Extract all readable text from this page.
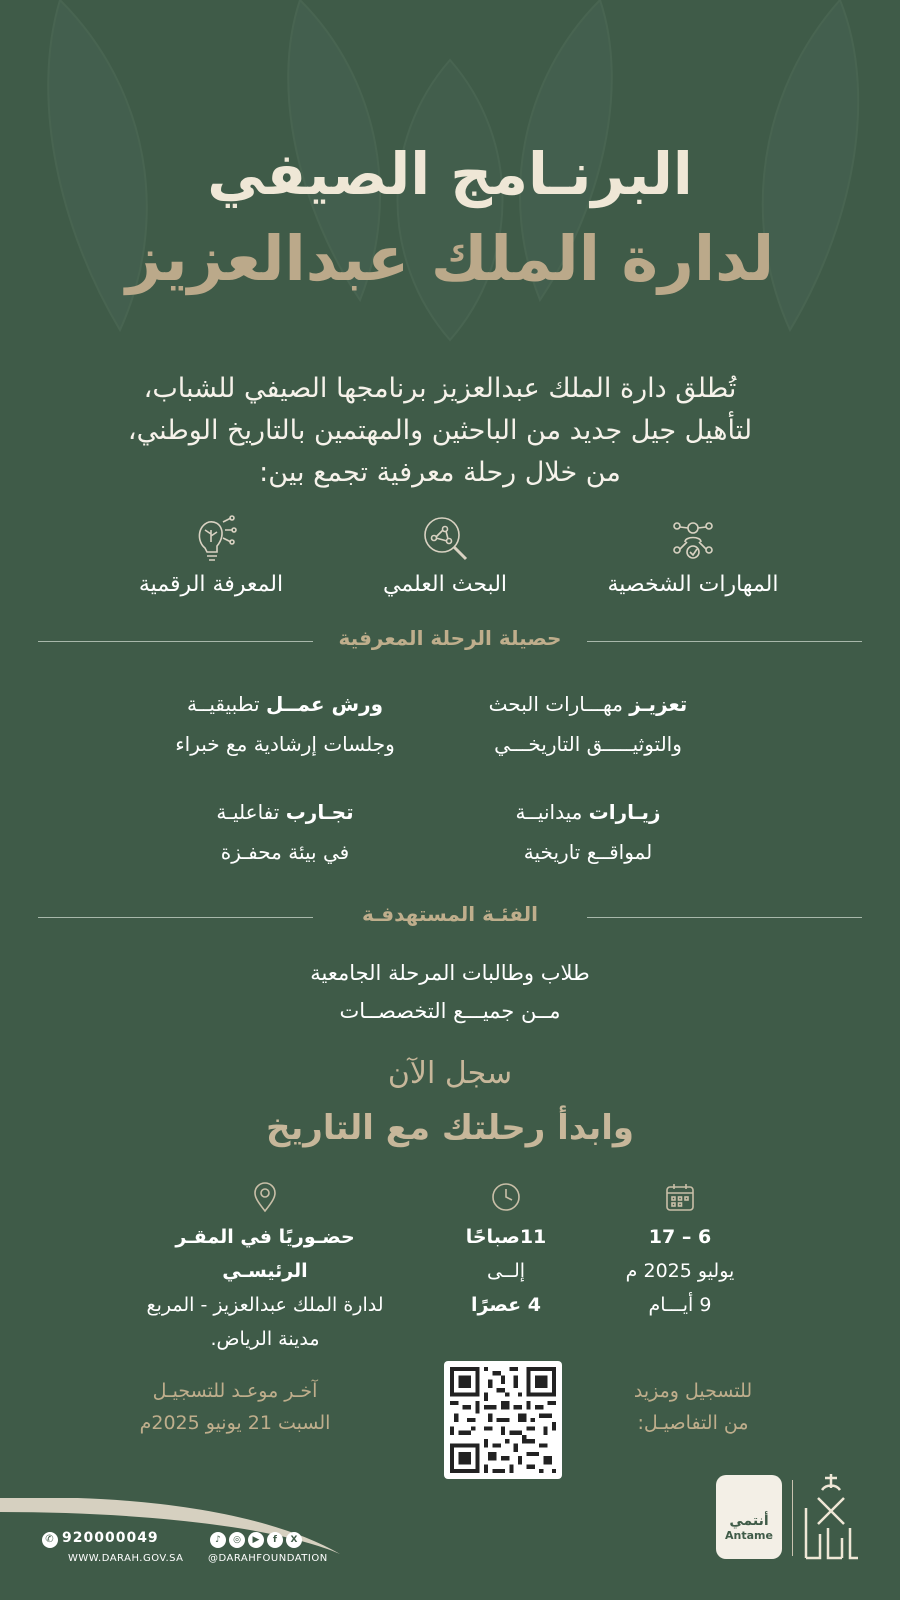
البرنـامج الصيفي
لدارة الملك عبدالعزيز
تُطلق دارة الملك عبدالعزيز برنامجها الصيفي للشباب،
لتأهيل جيل جديد من الباحثين والمهتمين بالتاريخ الوطني،
من خلال رحلة معرفية تجمع بين:
المهارات الشخصية
البحث العلمي
المعرفة الرقمية
حصيلة الرحلة المعرفية
تعزيـز مهـــارات البحث
والتوثيـــــق التاريخـــي
ورش عمــل تطبيقيــة
وجلسات إرشادية مع خبراء
زيـارات ميدانيــة
لمواقــع تاريخية
تجـارب تفاعليـة
في بيئة محفـزة
الفئـة المستهدفـة
طلاب وطالبات المرحلة الجامعية
مــن جميـــع التخصصــات
سجل الآن
وابدأ رحلتك مع التاريخ
6 – 17
يوليو 2025 م
9 أيـــام
11صباحًا
إلــى
4 عصرًا
حضـوريًا في المقـر الرئيسـي
لدارة الملك عبدالعزيز - المربع
مدينة الرياض.
للتسجيل ومزيد
من التفاصيـل:
آخـر موعـد للتسجيـل
السبت 21 يونيو 2025م
✆ 920000049
WWW.DARAH.GOV.SA
♪ ◎ ▶ f X
@DARAHFOUNDATION
أنتمي
Antame
